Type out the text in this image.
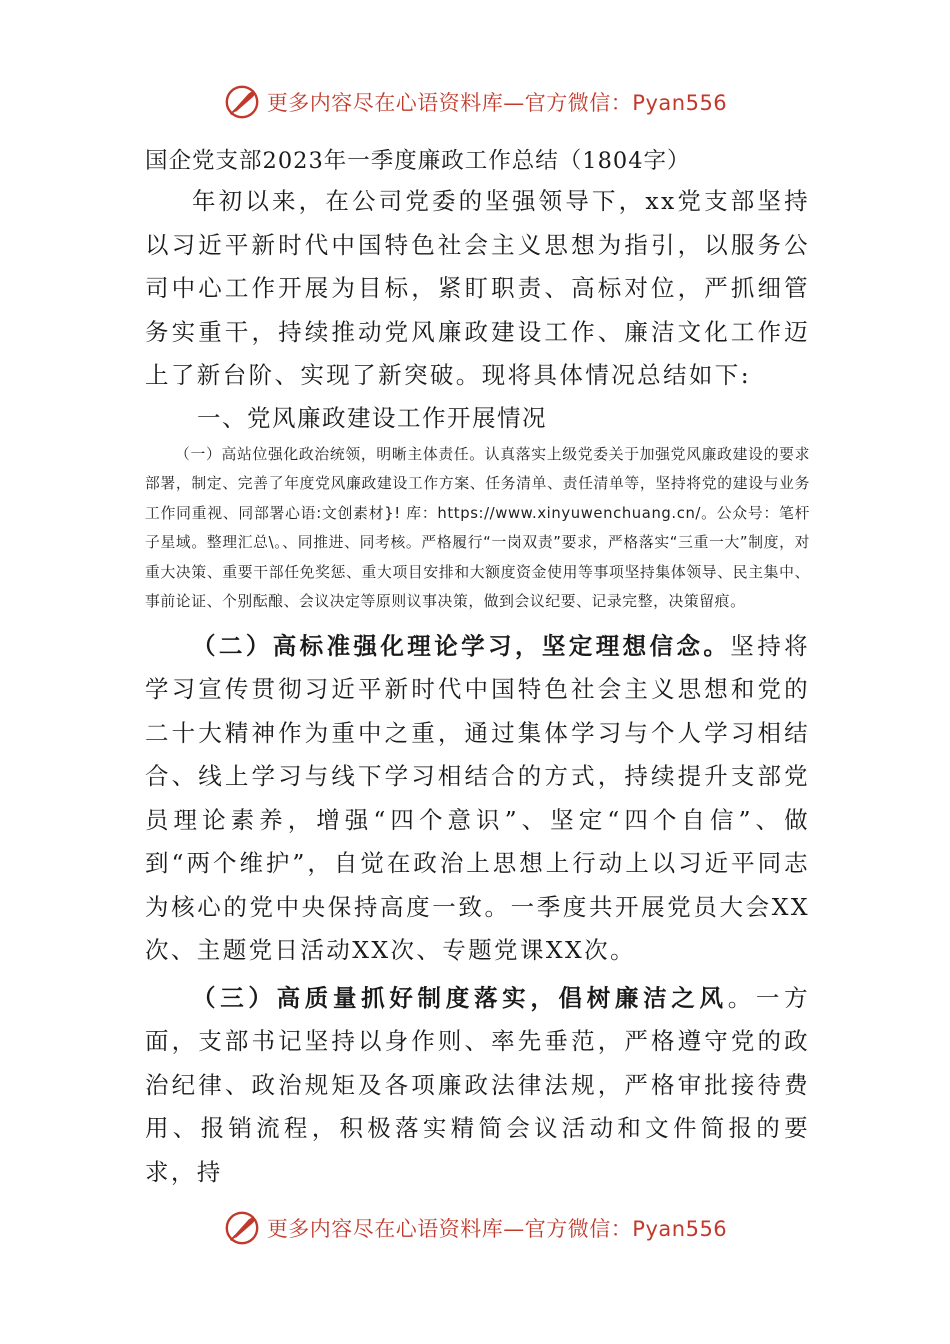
更多内容尽在心语资料库—官方微信：Pyan556

国企党支部2023年一季度廉政工作总结（1804字）

年初以来，在公司党委的坚强领导下，xx党支部坚持以习近平新时代中国特色社会主义思想为指引，以服务公司中心工作开展为目标，紧盯职责、高标对位，严抓细管务实重干，持续推动党风廉政建设工作、廉洁文化工作迈上了新台阶、实现了新突破。现将具体情况总结如下:

一、党风廉政建设工作开展情况

（一）高站位强化政治统领，明晰主体责任。认真落实上级党委关于加强党风廉政建设的要求部署，制定、完善了年度党风廉政建设工作方案、任务清单、责任清单等，坚持将党的建设与业务工作同重视、同部署心语:文创素材}! 库：https://www.xinyuwenchuang.cn/。公众号：笔杆子星域。整理汇总\。、同推进、同考核。严格履行“一岗双责”要求，严格落实“三重一大”制度，对重大决策、重要干部任免奖惩、重大项目安排和大额度资金使用等事项坚持集体领导、民主集中、事前论证、个别酝酿、会议决定等原则议事决策，做到会议纪要、记录完整，决策留痕。

（二）高标准强化理论学习，坚定理想信念。坚持将学习宣传贯彻习近平新时代中国特色社会主义思想和党的二十大精神作为重中之重，通过集体学习与个人学习相结合、线上学习与线下学习相结合的方式，持续提升支部党员理论素养，增强“四个意识”、坚定“四个自信”、做到“两个维护”，自觉在政治上思想上行动上以习近平同志为核心的党中央保持高度一致。一季度共开展党员大会XX次、主题党日活动XX次、专题党课XX次。

（三）高质量抓好制度落实，倡树廉洁之风。一方面，支部书记坚持以身作则、率先垂范，严格遵守党的政治纪律、政治规矩及各项廉政法律法规，严格审批接待费用、报销流程，积极落实精简会议活动和文件简报的要求，持

更多内容尽在心语资料库—官方微信：Pyan556
